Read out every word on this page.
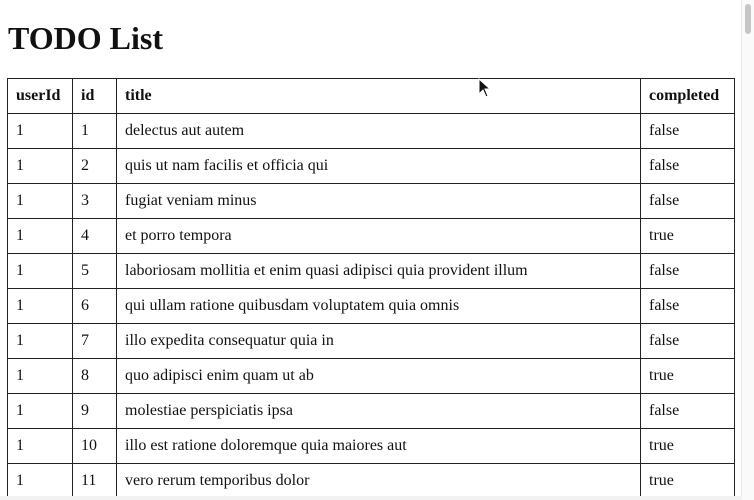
TODO List
userId	id	title	completed
1	1	delectus aut autem	false
1	2	quis ut nam facilis et officia qui	false
1	3	fugiat veniam minus	false
1	4	et porro tempora	true
1	5	laboriosam mollitia et enim quasi adipisci quia provident illum	false
1	6	qui ullam ratione quibusdam voluptatem quia omnis	false
1	7	illo expedita consequatur quia in	false
1	8	quo adipisci enim quam ut ab	true
1	9	molestiae perspiciatis ipsa	false
1	10	illo est ratione doloremque quia maiores aut	true
1	11	vero rerum temporibus dolor	true
